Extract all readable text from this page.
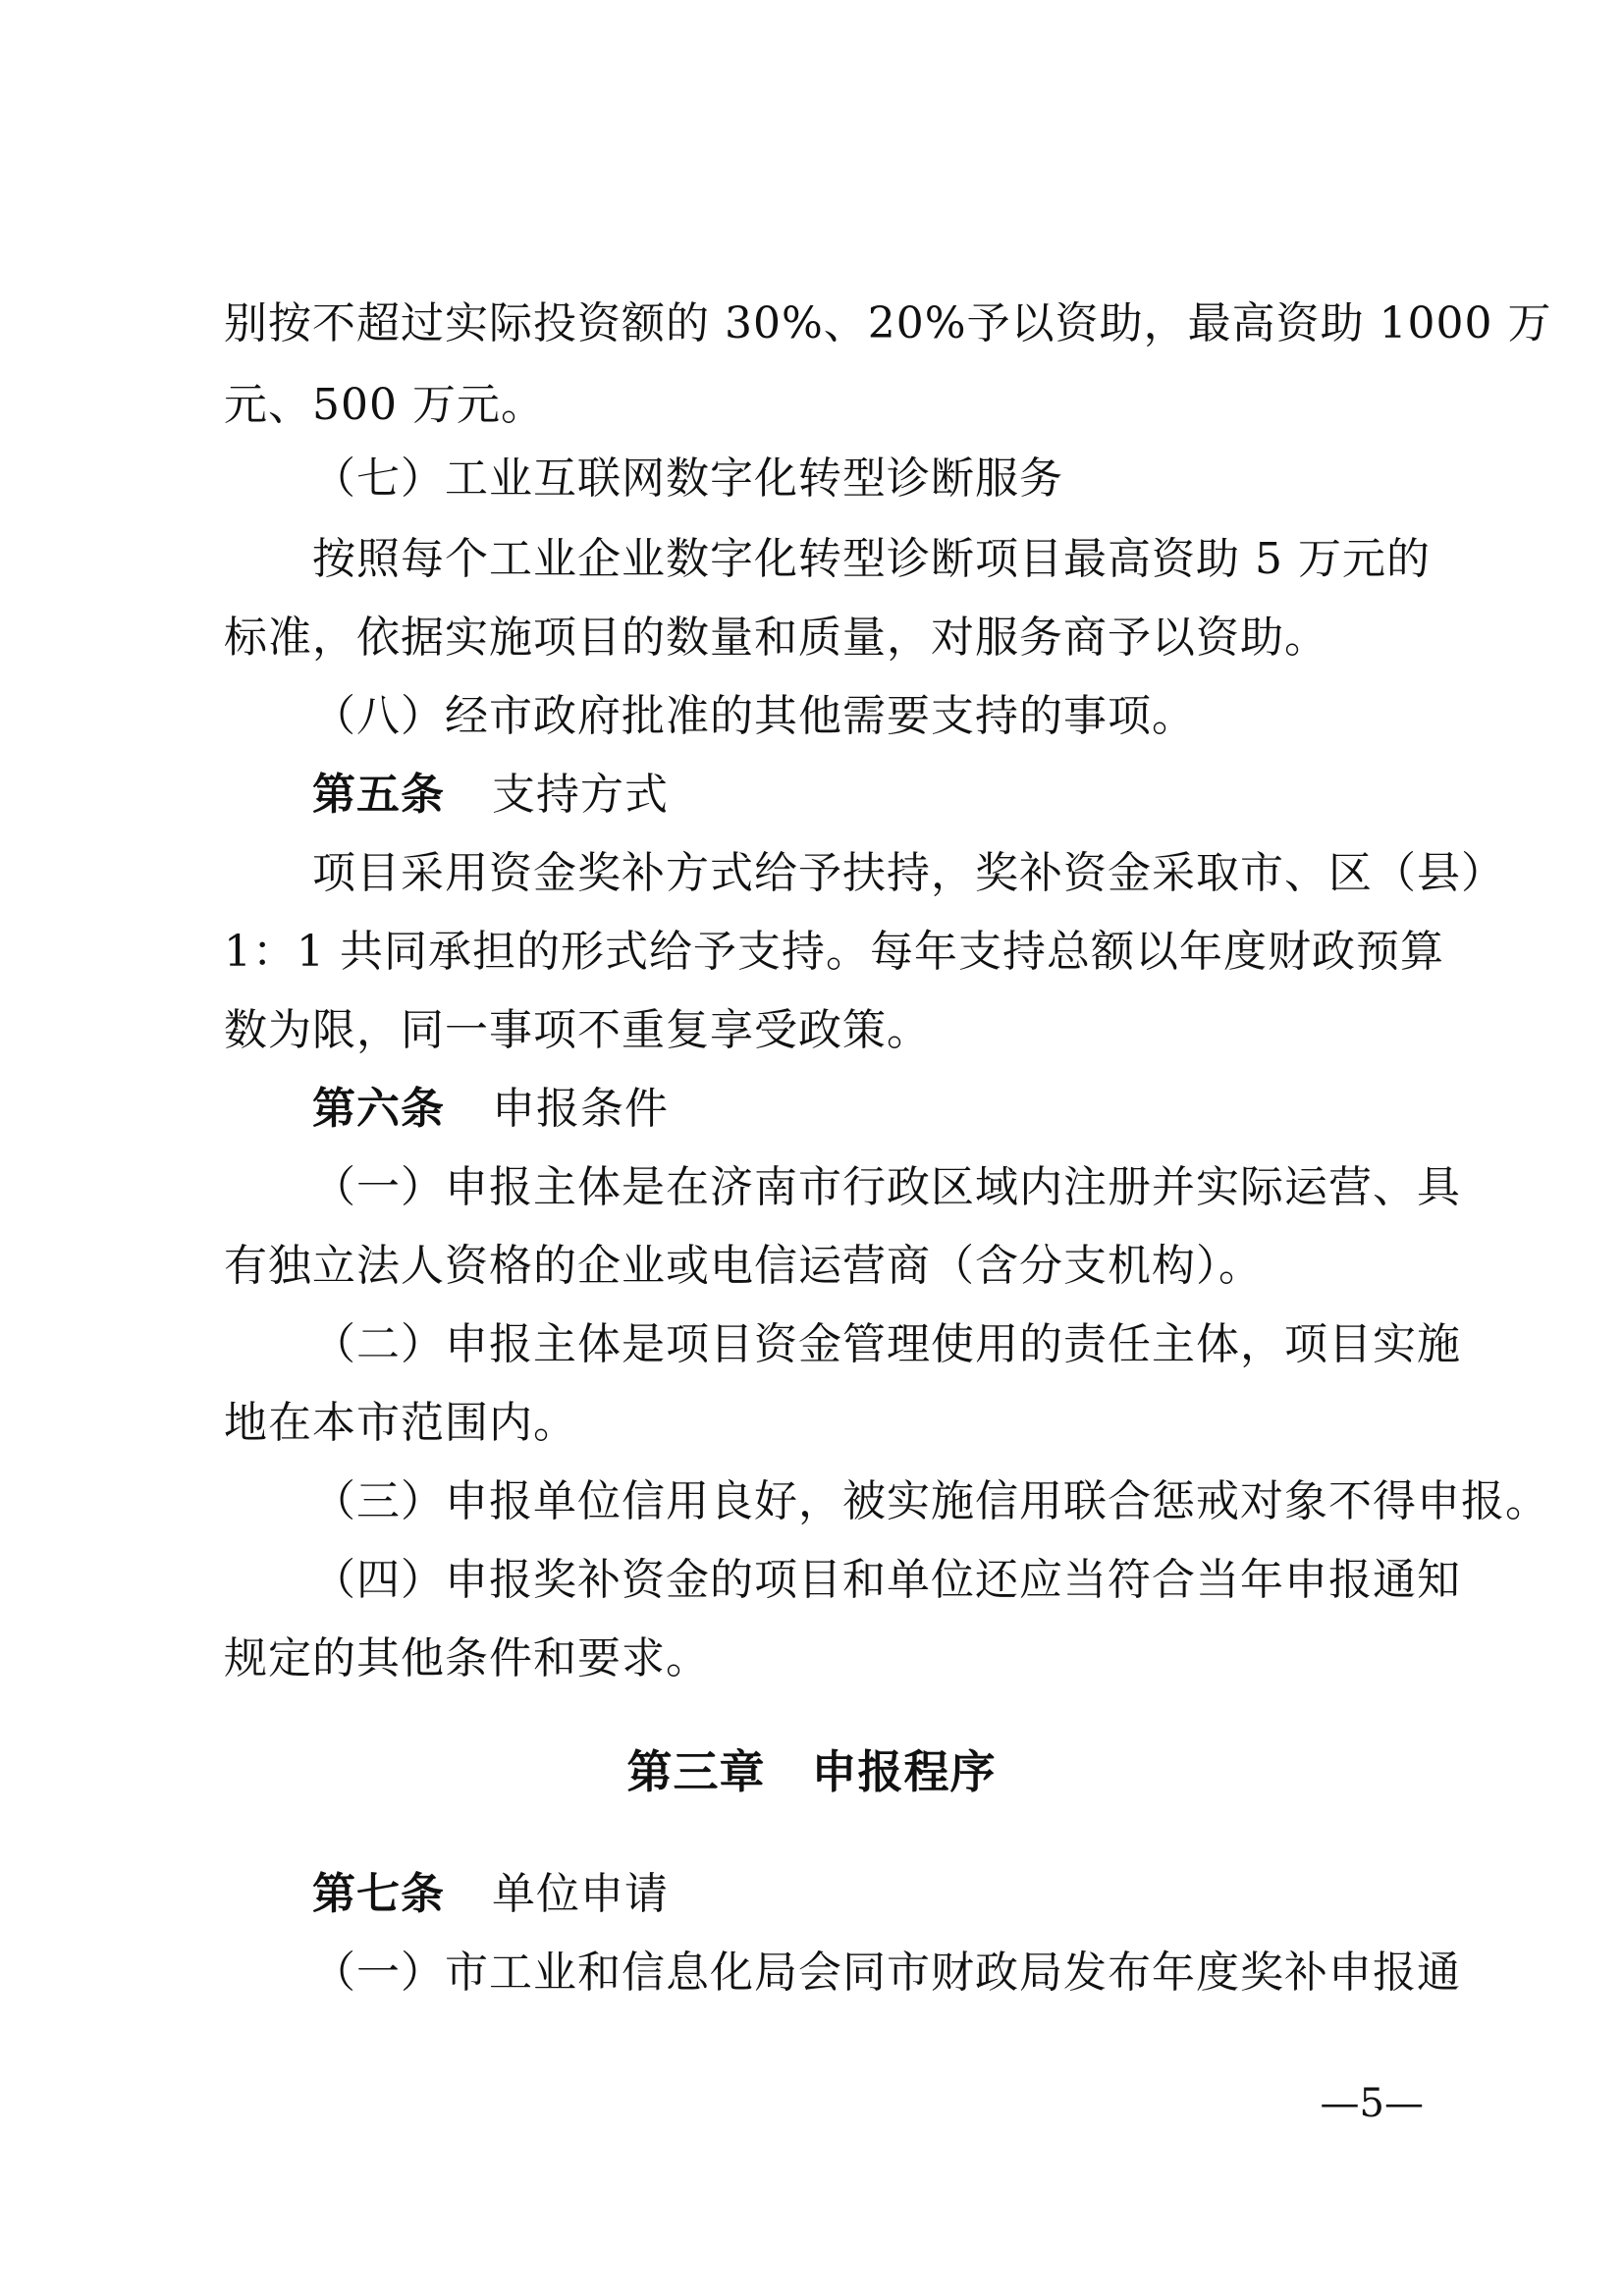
别按不超过实际投资额的 30%、20%予以资助，最高资助 1000 万
元、500 万元。
（七）工业互联网数字化转型诊断服务
按照每个工业企业数字化转型诊断项目最高资助 5 万元的
标准，依据实施项目的数量和质量，对服务商予以资助。
（八）经市政府批准的其他需要支持的事项。
第五条 支持方式
项目采用资金奖补方式给予扶持，奖补资金采取市、区（县）
1：1 共同承担的形式给予支持。每年支持总额以年度财政预算
数为限，同一事项不重复享受政策。
第六条 申报条件
（一）申报主体是在济南市行政区域内注册并实际运营、具
有独立法人资格的企业或电信运营商（含分支机构）。
（二）申报主体是项目资金管理使用的责任主体，项目实施
地在本市范围内。
（三）申报单位信用良好，被实施信用联合惩戒对象不得申报。
（四）申报奖补资金的项目和单位还应当符合当年申报通知
规定的其他条件和要求。
第三章　申报程序
第七条 单位申请
（一）市工业和信息化局会同市财政局发布年度奖补申报通
—5—
